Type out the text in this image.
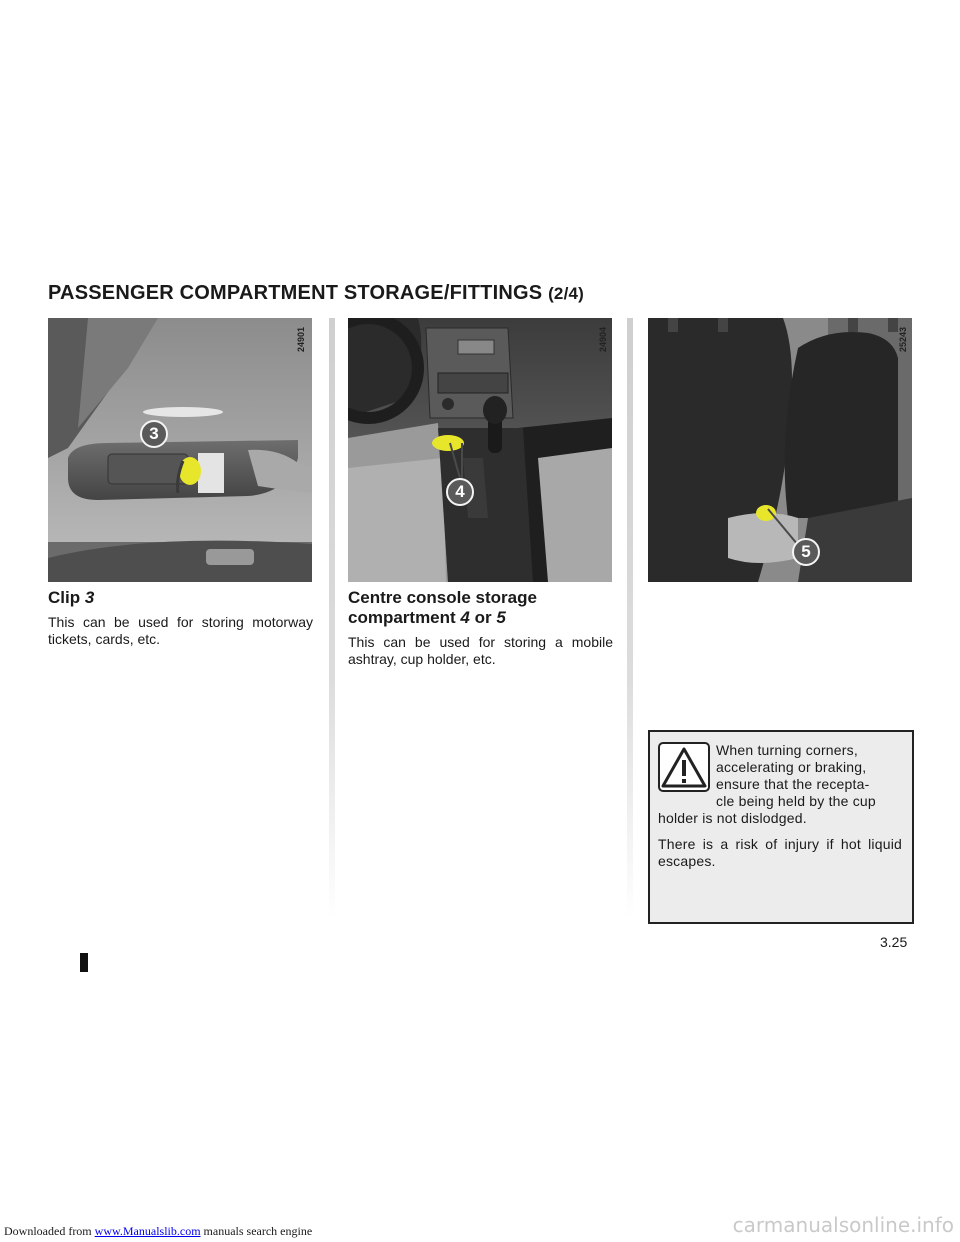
PASSENGER COMPARTMENT STORAGE/FITTINGS (2/4)
24901
3
24904
4
25243
5
Clip 3
This can be used for storing motorway tickets, cards, etc.
Centre console storage
compartment 4 or 5
This can be used for storing a mobile ashtray, cup holder, etc.
When turning corners,
accelerating or braking,
ensure that the recepta-
cle being held by the cup
holder is not dislodged.
There is a risk of injury if hot liquid escapes.
3.25
Downloaded from www.Manualslib.com manuals search engine	carmanualsonline.info
